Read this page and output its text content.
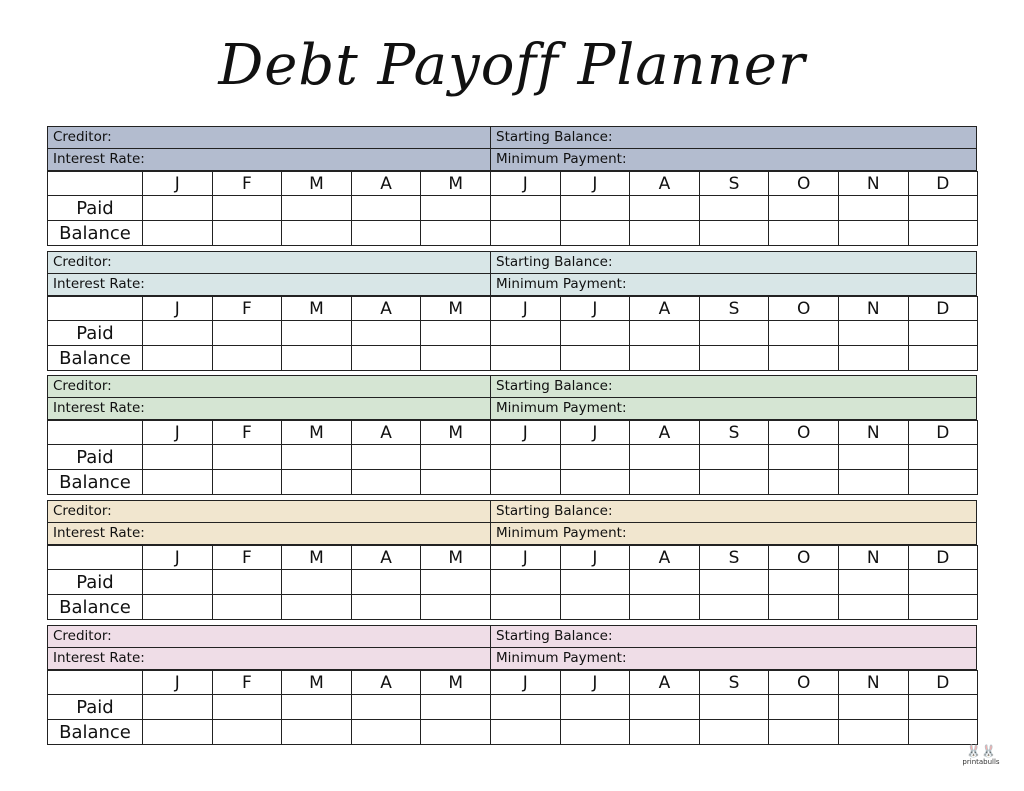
Debt Payoff Planner
Creditor:	Starting Balance:
Interest Rate:	Minimum Payment:
	J	F	M	A	M	J	J	A	S	O	N	D
Paid												
Balance												
Creditor:	Starting Balance:
Interest Rate:	Minimum Payment:
	J	F	M	A	M	J	J	A	S	O	N	D
Paid												
Balance												
Creditor:	Starting Balance:
Interest Rate:	Minimum Payment:
	J	F	M	A	M	J	J	A	S	O	N	D
Paid												
Balance												
Creditor:	Starting Balance:
Interest Rate:	Minimum Payment:
	J	F	M	A	M	J	J	A	S	O	N	D
Paid												
Balance												
Creditor:	Starting Balance:
Interest Rate:	Minimum Payment:
	J	F	M	A	M	J	J	A	S	O	N	D
Paid												
Balance												
🐰🐰
printabulls
